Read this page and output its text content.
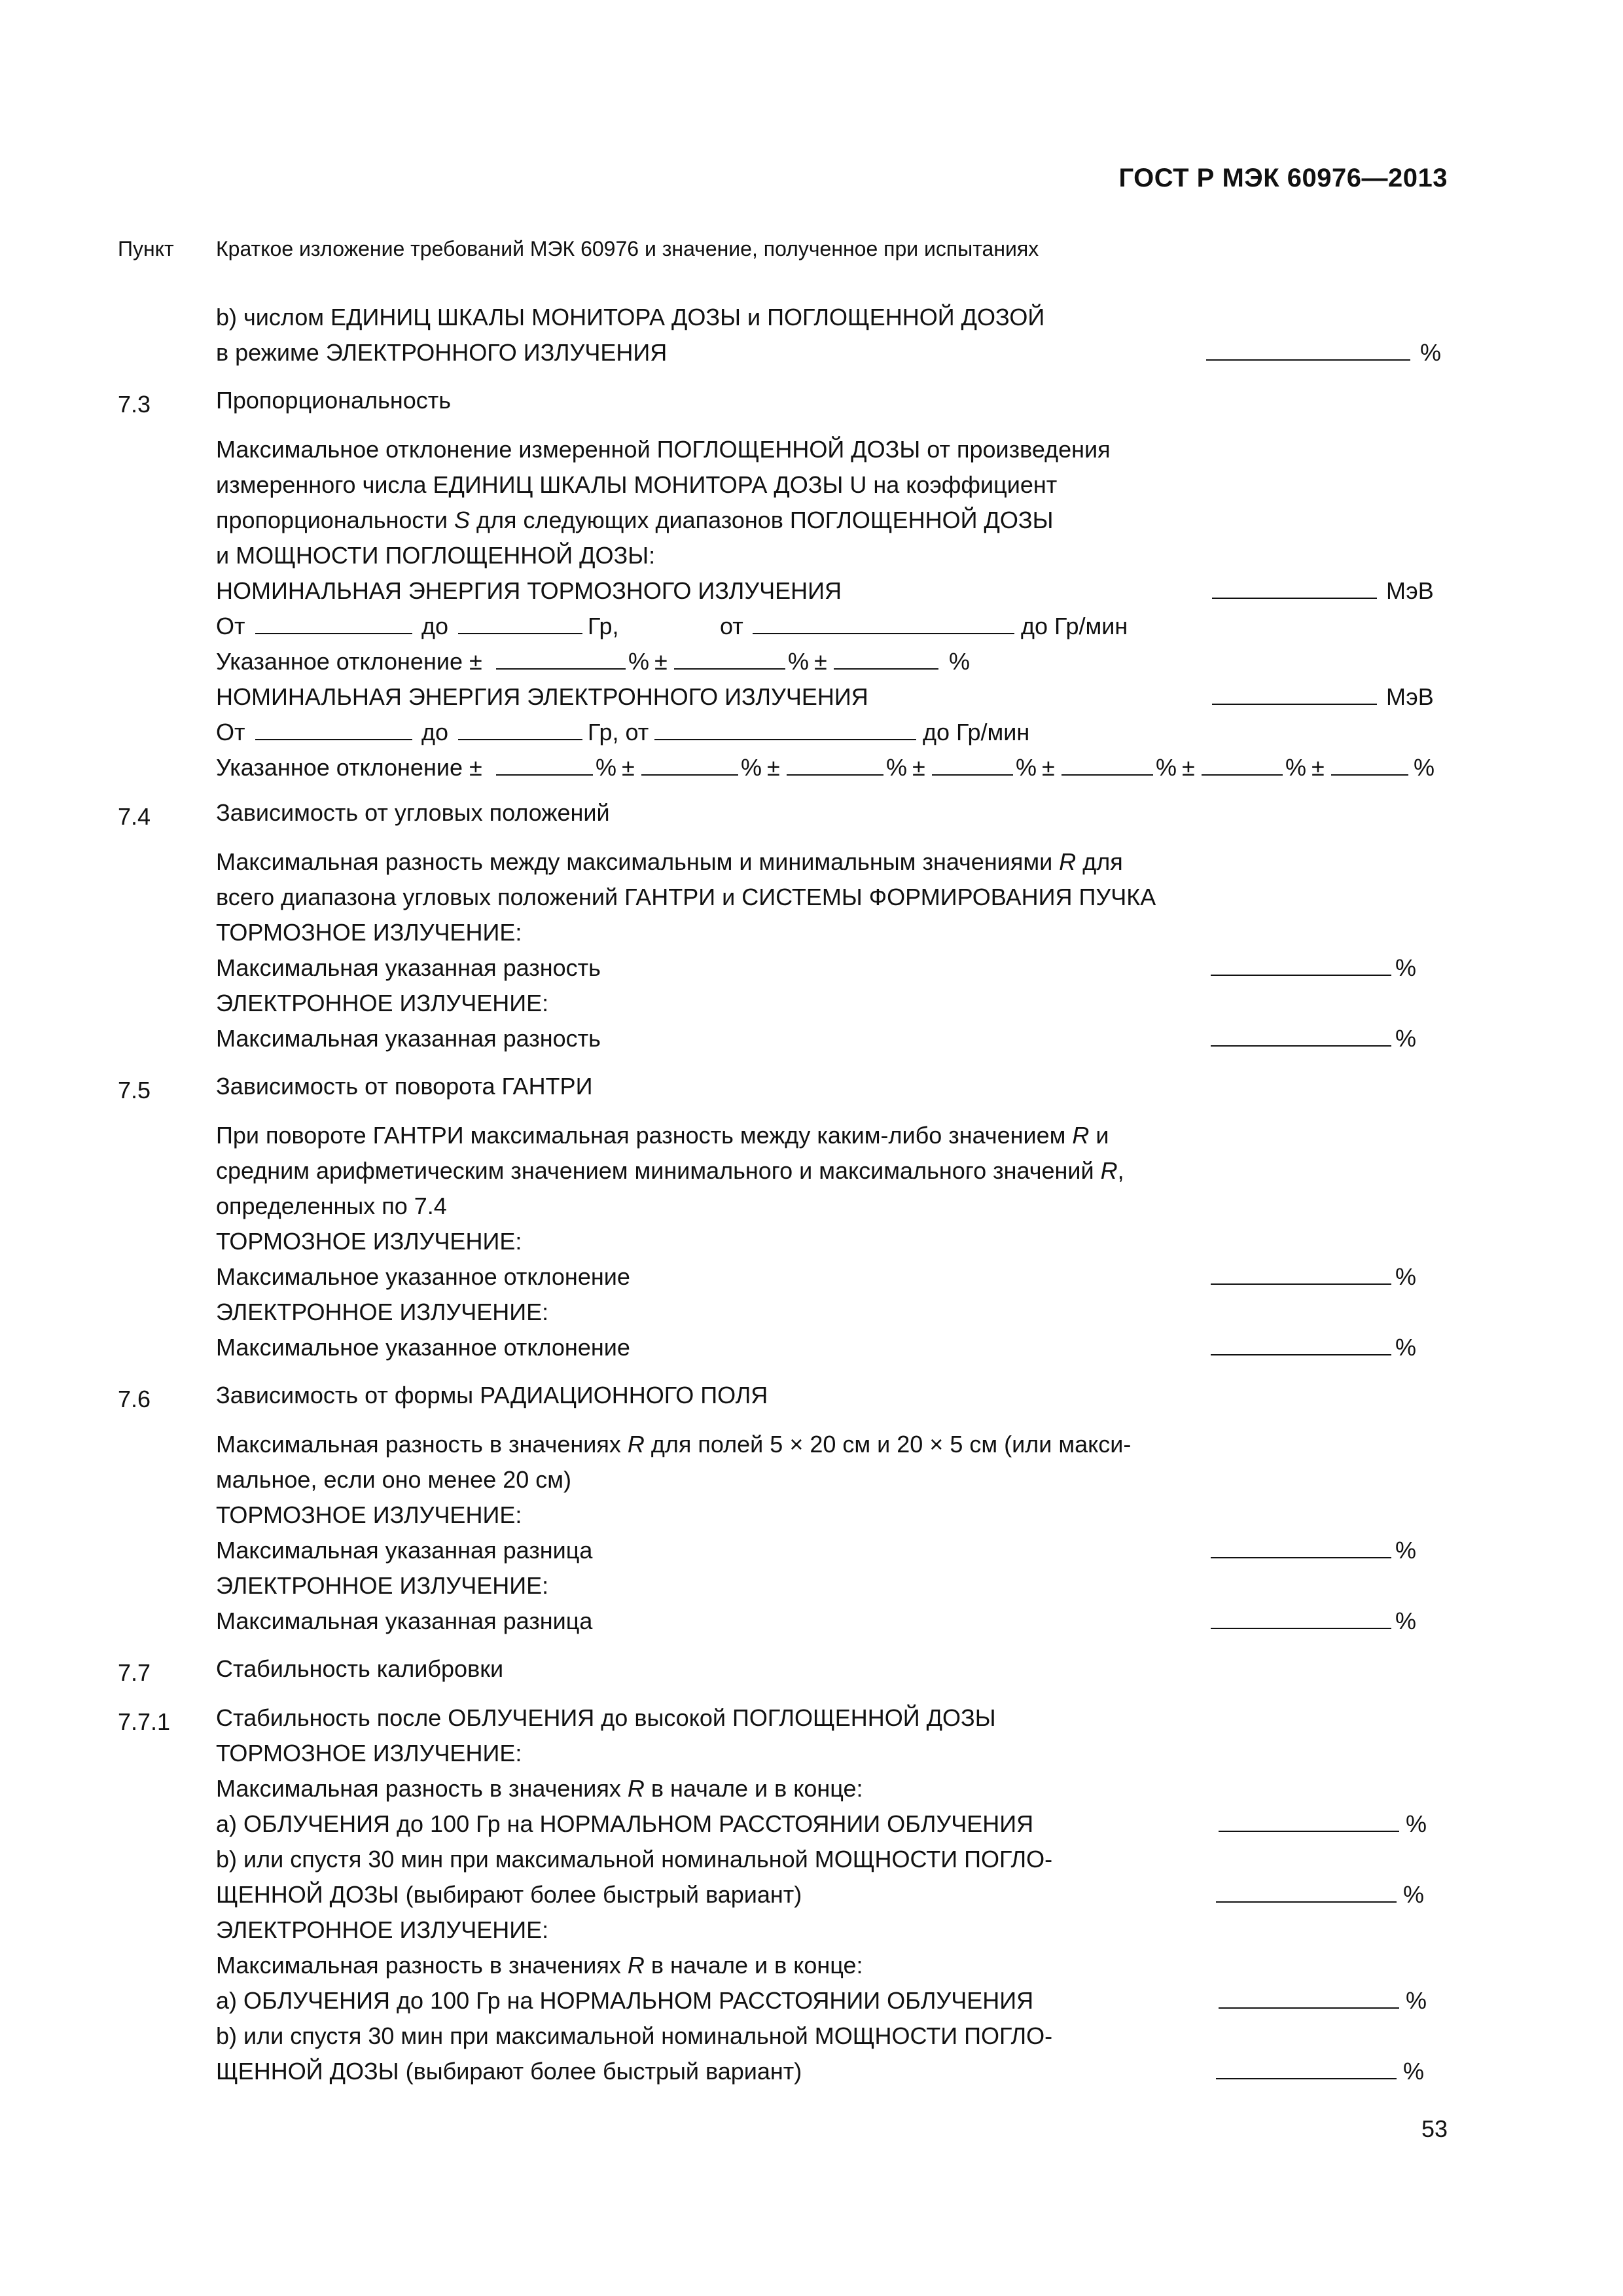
ГОСТ Р МЭК 60976—2013
Пункт Краткое изложение требований МЭК 60976 и значение, полученное при испытаниях
b) числом ЕДИНИЦ ШКАЛЫ МОНИТОРА ДОЗЫ и ПОГЛОЩЕННОЙ ДОЗОЙ
в режиме ЭЛЕКТРОННОГО ИЗЛУЧЕНИЯ	%
7.3	Пропорциональность
Максимальное отклонение измеренной ПОГЛОЩЕННОЙ ДОЗЫ от произведения
измеренного числа ЕДИНИЦ ШКАЛЫ МОНИТОРА ДОЗЫ U на коэффициент
пропорциональности S для следующих диапазонов ПОГЛОЩЕННОЙ ДОЗЫ
и МОЩНОСТИ ПОГЛОЩЕННОЙ ДОЗЫ:
НОМИНАЛЬНАЯ ЭНЕРГИЯ ТОРМОЗНОГО ИЗЛУЧЕНИЯ	МэВ
От	до	Гр,	от	до Гр/мин
Указанное отклонение ±	% ±	% ±	%
НОМИНАЛЬНАЯ ЭНЕРГИЯ ЭЛЕКТРОННОГО ИЗЛУЧЕНИЯ	МэВ
От	до	Гр, от	до Гр/мин
Указанное отклонение ±	% ±	% ±	% ±	% ±	% ±	% ±	%
7.4	Зависимость от угловых положений
Максимальная разность между максимальным и минимальным значениями R для
всего диапазона угловых положений ГАНТРИ и СИСТЕМЫ ФОРМИРОВАНИЯ ПУЧКА
ТОРМОЗНОЕ ИЗЛУЧЕНИЕ:
Максимальная указанная разность	%
ЭЛЕКТРОННОЕ ИЗЛУЧЕНИЕ:
Максимальная указанная разность	%
7.5	Зависимость от поворота ГАНТРИ
При повороте ГАНТРИ максимальная разность между каким-либо значением R и
средним арифметическим значением минимального и максимального значений R,
определенных по 7.4
ТОРМОЗНОЕ ИЗЛУЧЕНИЕ:
Максимальное указанное отклонение	%
ЭЛЕКТРОННОЕ ИЗЛУЧЕНИЕ:
Максимальное указанное отклонение	%
7.6	Зависимость от формы РАДИАЦИОННОГО ПОЛЯ
Максимальная разность в значениях R для полей 5 × 20 см и 20 × 5 см (или макси-
мальное, если оно менее 20 см)
ТОРМОЗНОЕ ИЗЛУЧЕНИЕ:
Максимальная указанная разница	%
ЭЛЕКТРОННОЕ ИЗЛУЧЕНИЕ:
Максимальная указанная разница	%
7.7	Стабильность калибровки
7.7.1 Стабильность после ОБЛУЧЕНИЯ до высокой ПОГЛОЩЕННОЙ ДОЗЫ
ТОРМОЗНОЕ ИЗЛУЧЕНИЕ:
Максимальная разность в значениях R в начале и в конце:
a) ОБЛУЧЕНИЯ до 100 Гр на НОРМАЛЬНОМ РАССТОЯНИИ ОБЛУЧЕНИЯ	%
b) или спустя 30 мин при максимальной номинальной МОЩНОСТИ ПОГЛО-
ЩЕННОЙ ДОЗЫ (выбирают более быстрый вариант)	%
ЭЛЕКТРОННОЕ ИЗЛУЧЕНИЕ:
Максимальная разность в значениях R в начале и в конце:
a) ОБЛУЧЕНИЯ до 100 Гр на НОРМАЛЬНОМ РАССТОЯНИИ ОБЛУЧЕНИЯ	%
b) или спустя 30 мин при максимальной номинальной МОЩНОСТИ ПОГЛО-
ЩЕННОЙ ДОЗЫ (выбирают более быстрый вариант)	%
53
